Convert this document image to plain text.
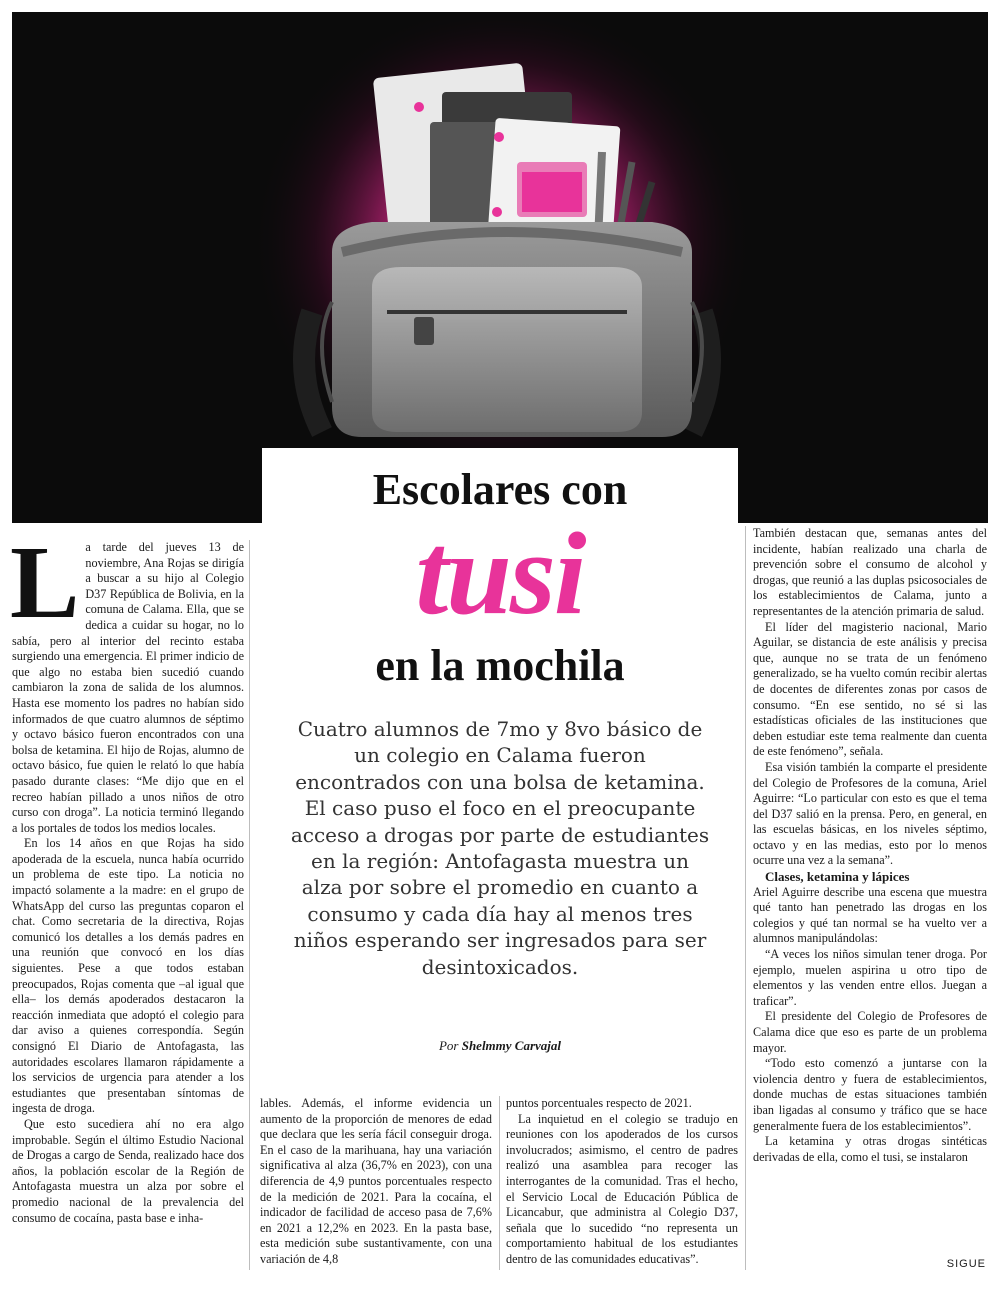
Escolares con
tusi
en la mochila

Cuatro alumnos de 7mo y 8vo básico de un colegio en Calama fueron encontrados con una bolsa de ketamina. El caso puso el foco en el preocupante acceso a drogas por parte de estudiantes en la región: Antofagasta muestra un alza por sobre el promedio en cuanto a consumo y cada día hay al menos tres niños esperando ser ingresados para ser desintoxicados.

Por Shelmmy Carvajal

La tarde del jueves 13 de noviembre, Ana Rojas se dirigía a buscar a su hijo al Colegio D37 República de Bolivia, en la comuna de Calama. Ella, que se dedica a cuidar su hogar, no lo sabía, pero al interior del recinto estaba surgiendo una emergencia. El primer indicio de que algo no estaba bien sucedió cuando cambiaron la zona de salida de los alumnos. Hasta ese momento los padres no habían sido informados de que cuatro alumnos de séptimo y octavo básico fueron encontrados con una bolsa de ketamina. El hijo de Rojas, alumno de octavo básico, fue quien le relató lo que había pasado durante clases: “Me dijo que en el recreo habían pillado a unos niños de otro curso con droga”. La noticia terminó llegando a los portales de todos los medios locales.

En los 14 años en que Rojas ha sido apoderada de la escuela, nunca había ocurrido un problema de este tipo. La noticia no impactó solamente a la madre: en el grupo de WhatsApp del curso las preguntas coparon el chat. Como secretaria de la directiva, Rojas comunicó los detalles a los demás padres en una reunión que convocó en los días siguientes. Pese a que todos estaban preocupados, Rojas comenta que –al igual que ella– los demás apoderados destacaron la reacción inmediata que adoptó el colegio para dar aviso a quienes correspondía. Según consignó El Diario de Antofagasta, las autoridades escolares llamaron rápidamente a los servicios de urgencia para atender a los estudiantes que presentaban síntomas de ingesta de droga.

Que esto sucediera ahí no era algo improbable. Según el último Estudio Nacional de Drogas a cargo de Senda, realizado hace dos años, la población escolar de la Región de Antofagasta muestra un alza por sobre el promedio nacional de la prevalencia del consumo de cocaína, pasta base e inha-

lables. Además, el informe evidencia un aumento de la proporción de menores de edad que declara que les sería fácil conseguir droga. En el caso de la marihuana, hay una variación significativa al alza (36,7% en 2023), con una diferencia de 4,9 puntos porcentuales respecto de la medición de 2021. Para la cocaína, el indicador de facilidad de acceso pasa de 7,6% en 2021 a 12,2% en 2023. En la pasta base, esta medición sube sustantivamente, con una variación de 4,8

puntos porcentuales respecto de 2021.

La inquietud en el colegio se tradujo en reuniones con los apoderados de los cursos involucrados; asimismo, el centro de padres realizó una asamblea para recoger las interrogantes de la comunidad. Tras el hecho, el Servicio Local de Educación Pública de Licancabur, que administra al Colegio D37, señala que lo sucedido “no representa un comportamiento habitual de los estudiantes dentro de las comunidades educativas”.

También destacan que, semanas antes del incidente, habían realizado una charla de prevención sobre el consumo de alcohol y drogas, que reunió a las duplas psicosociales de los establecimientos de Calama, junto a representantes de la atención primaria de salud.

El líder del magisterio nacional, Mario Aguilar, se distancia de este análisis y precisa que, aunque no se trata de un fenómeno generalizado, se ha vuelto común recibir alertas de docentes de diferentes zonas por casos de consumo. “En ese sentido, no sé si las estadísticas oficiales de las instituciones que deben estudiar este tema realmente dan cuenta de este fenómeno”, señala.

Esa visión también la comparte el presidente del Colegio de Profesores de la comuna, Ariel Aguirre: “Lo particular con esto es que el tema del D37 salió en la prensa. Pero, en general, en las escuelas básicas, en los niveles séptimo, octavo y en las medias, esto por lo menos ocurre una vez a la semana”.

Clases, ketamina y lápices

Ariel Aguirre describe una escena que muestra qué tanto han penetrado las drogas en los colegios y qué tan normal se ha vuelto ver a alumnos manipulándolas:

“A veces los niños simulan tener droga. Por ejemplo, muelen aspirina u otro tipo de elementos y las venden entre ellos. Juegan a traficar”.

El presidente del Colegio de Profesores de Calama dice que eso es parte de un problema mayor.

“Todo esto comenzó a juntarse con la violencia dentro y fuera de establecimientos, donde muchas de estas situaciones también iban ligadas al consumo y tráfico que se hace generalmente fuera de los establecimientos”.

La ketamina y otras drogas sintéticas derivadas de ella, como el tusi, se instalaron

SIGUE
